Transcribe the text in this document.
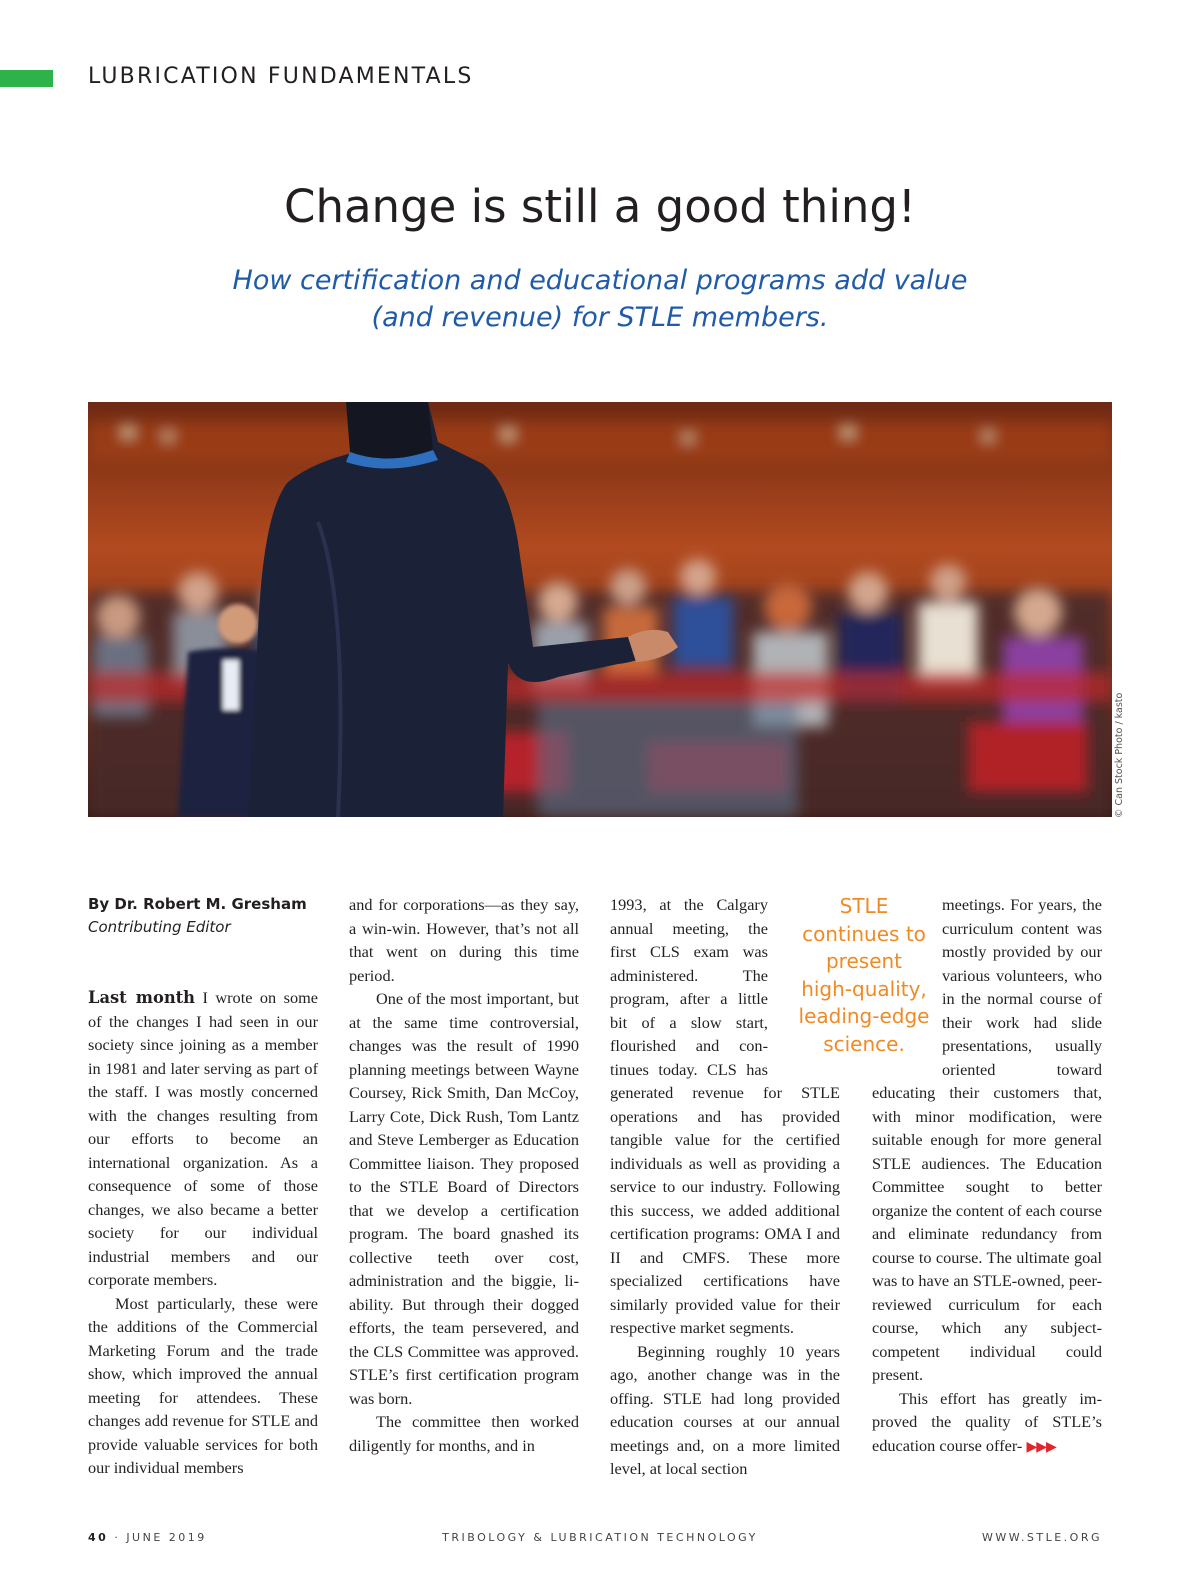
LUBRICATION FUNDAMENTALS
Change is still a good thing!
How certification and educational programs add value
(and revenue) for STLE members.
© Can Stock Photo / kasto
By Dr. Robert M. Gresham
Contributing Editor

Last month I wrote on some of the changes I had seen in our society since joining as a member in 1981 and later serving as part of the staff. I was mostly concerned with the changes resulting from our efforts to become an international organization. As a consequence of some of those changes, we also became a better society for our individual industrial members and our corporate members.

Most particularly, these were the additions of the Commercial Marketing Forum and the trade show, which improved the annual meeting for attendees. These changes add revenue for STLE and provide valuable services for both our individual members

and for corporations—as they say, a win-win. However, that’s not all that went on during this time period.

One of the most important, but at the same time controversial, changes was the result of 1990 planning meetings between Wayne Coursey, Rick Smith, Dan McCoy, Larry Cote, Dick Rush, Tom Lantz and Steve Lemberger as Education Committee liaison. They proposed to the STLE Board of Directors that we develop a certification program. The board gnashed its collective teeth over cost, administration and the biggie, liability. But through their dogged efforts, the team persevered, and the CLS Committee was approved. STLE’s first certification program was born.

The committee then worked diligently for months, and in

1993, at the Calgary annual meeting, the first CLS exam was administered. The program, after a little bit of a slow start, flourished and continues today. CLS has generated revenue for STLE operations and has provided tangible value for the certified individuals as well as providing a service to our industry. Following this success, we added additional certification programs: OMA I and II and CMFS. These more specialized certifications have similarly provided value for their respective market segments.

Beginning roughly 10 years ago, another change was in the offing. STLE had long provided education courses at our annual meetings and, on a more limited level, at local section

STLE continues to present high-quality, leading-edge science.

meetings. For years, the curriculum content was mostly provided by our various volunteers, who in the normal course of their work had slide presentations, usually oriented toward educating their customers that, with minor modification, were suitable enough for more general STLE audiences. The Education Committee sought to better organize the content of each course and eliminate redundancy from course to course. The ultimate goal was to have an STLE-owned, peer-reviewed curriculum for each course, which any subject-competent individual could present.

This effort has greatly improved the quality of STLE’s education course offer- ▶▶▶

40 · JUNE 2019	TRIBOLOGY & LUBRICATION TECHNOLOGY	WWW.STLE.ORG
